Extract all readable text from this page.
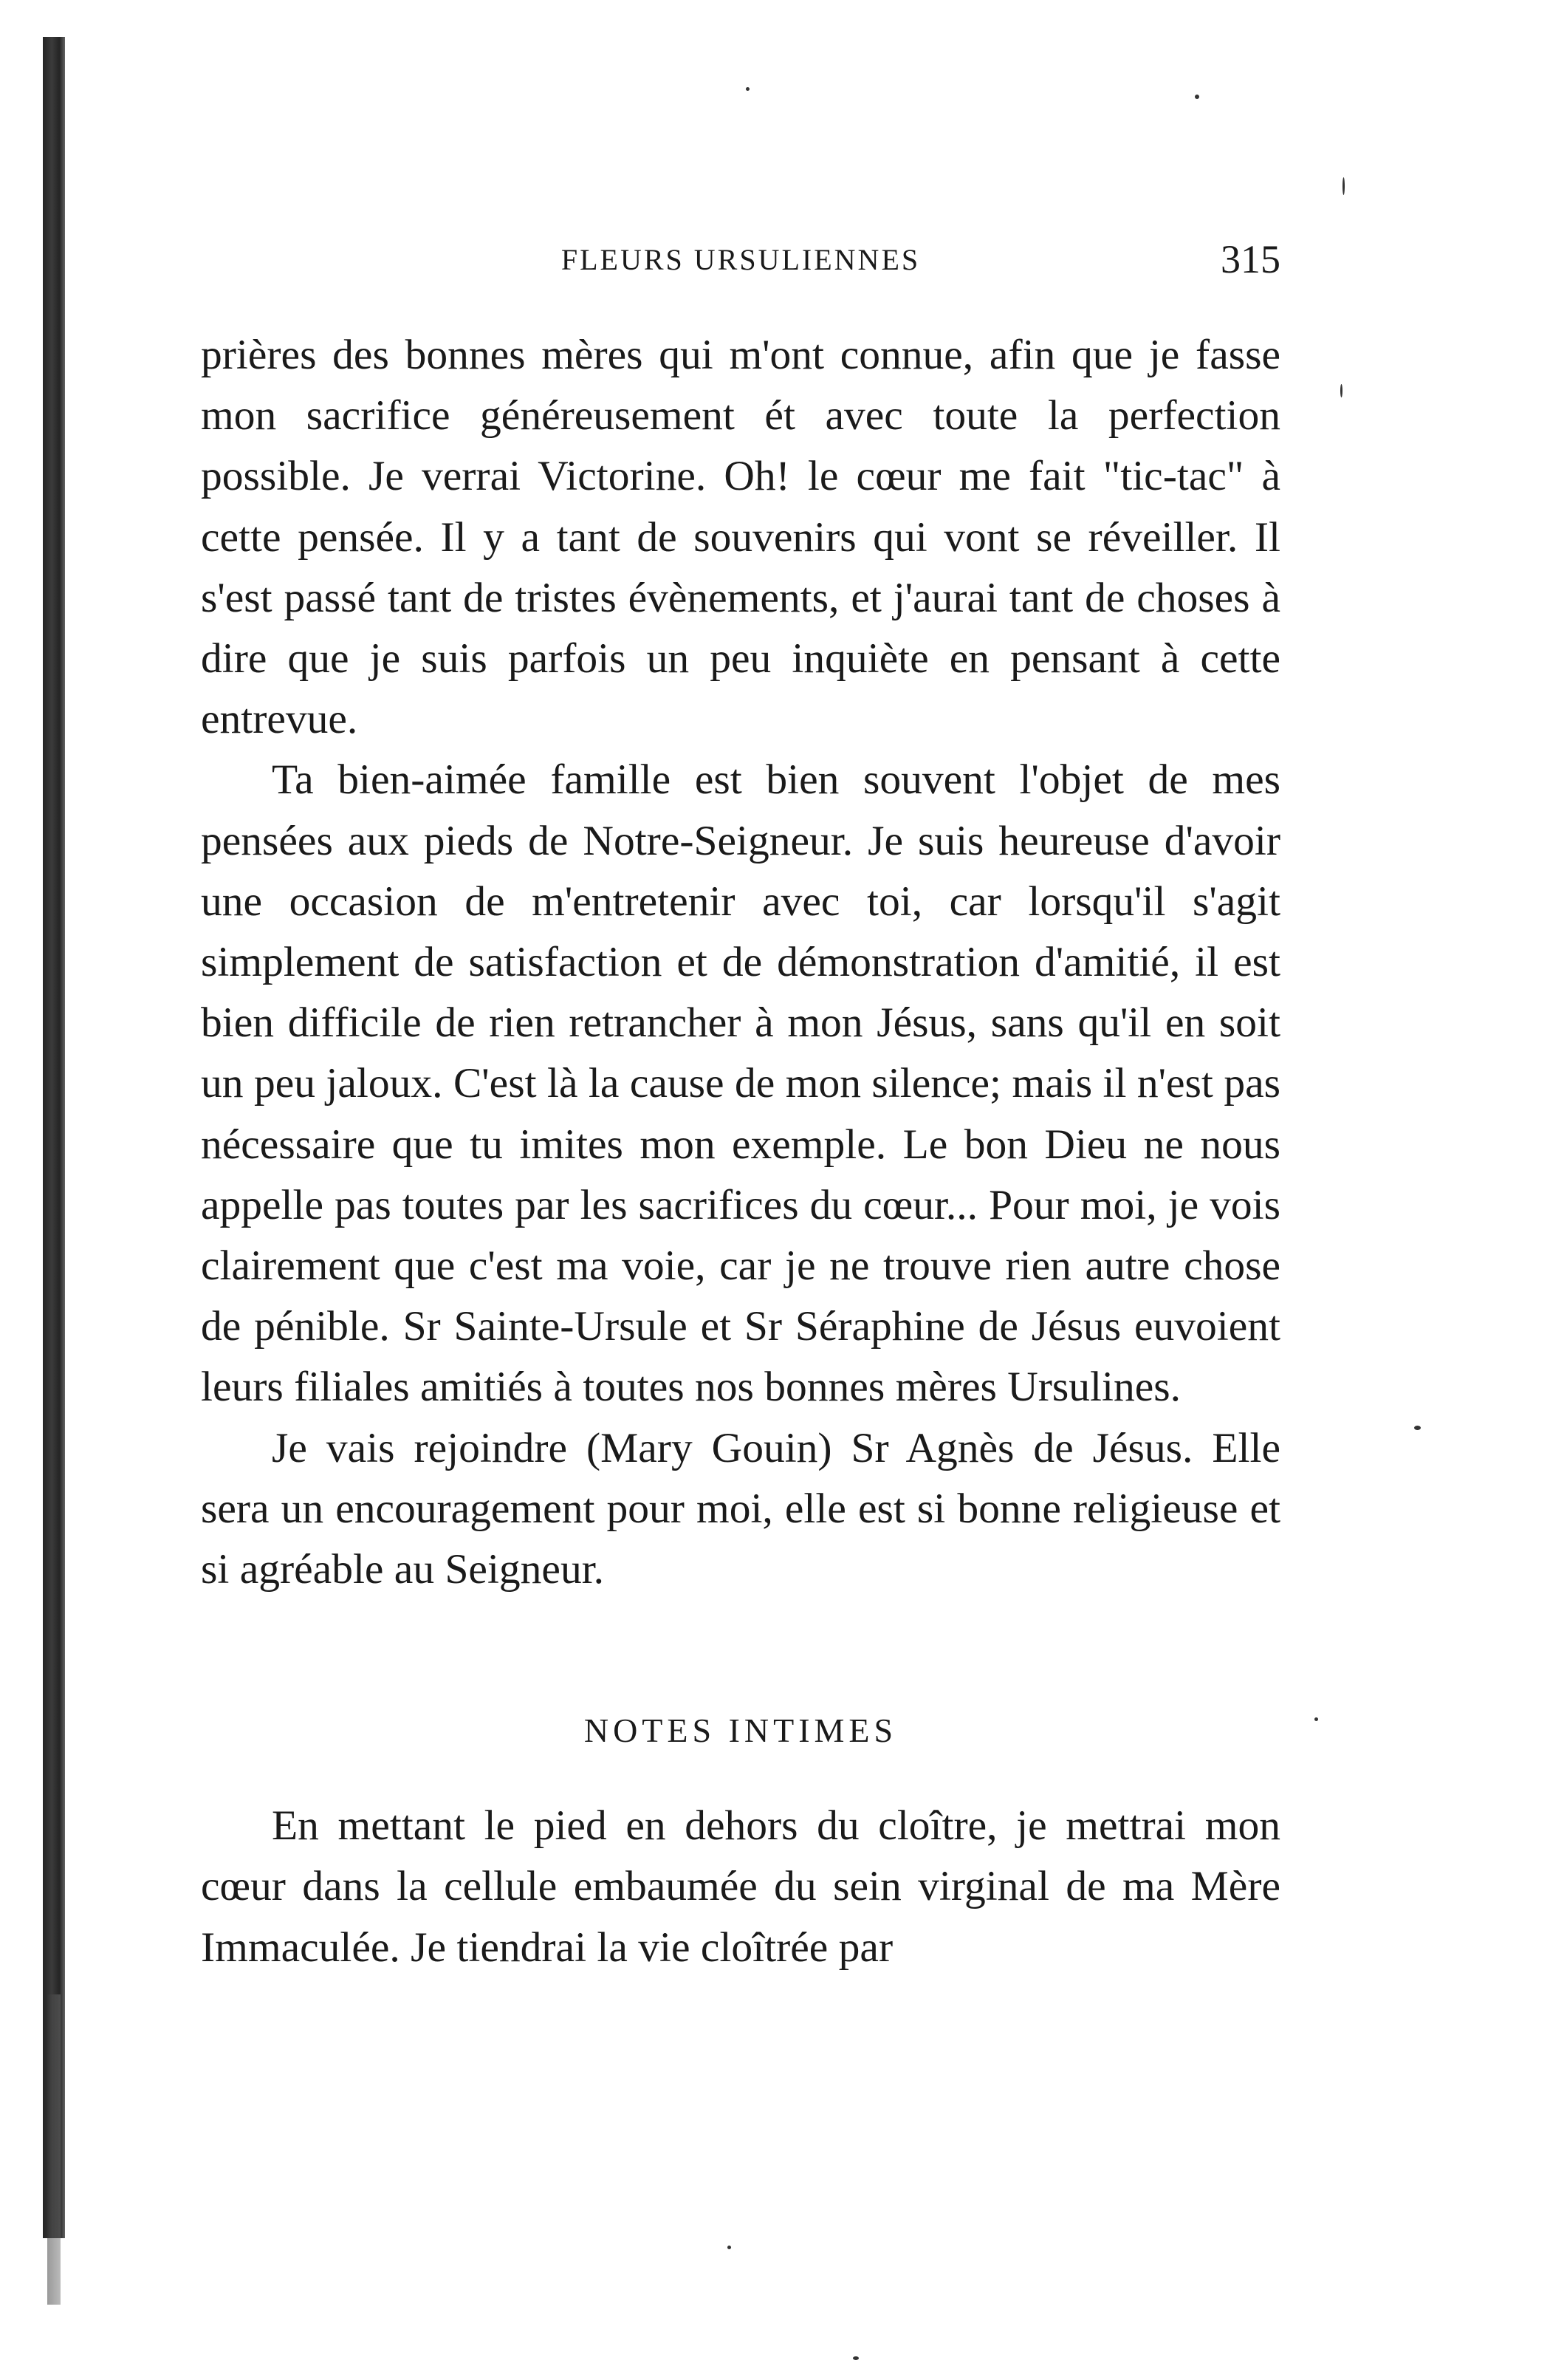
FLEURS URSULIENNES	315

prières des bonnes mères qui m'ont connue, afin que je fasse mon sacrifice généreusement ét avec toute la perfection possible. Je verrai Victorine. Oh! le cœur me fait "tic-tac" à cette pensée. Il y a tant de souvenirs qui vont se réveiller. Il s'est passé tant de tristes évènements, et j'aurai tant de choses à dire que je suis parfois un peu inquiète en pensant à cette entrevue.

Ta bien-aimée famille est bien souvent l'objet de mes pensées aux pieds de Notre-Seigneur. Je suis heureuse d'avoir une occasion de m'entretenir avec toi, car lorsqu'il s'agit simplement de satisfaction et de démonstration d'amitié, il est bien difficile de rien retrancher à mon Jésus, sans qu'il en soit un peu jaloux. C'est là la cause de mon silence; mais il n'est pas nécessaire que tu imites mon exemple. Le bon Dieu ne nous appelle pas toutes par les sacrifices du cœur... Pour moi, je vois clairement que c'est ma voie, car je ne trouve rien autre chose de pénible. Sr Sainte-Ursule et Sr Séraphine de Jésus euvoient leurs filiales amitiés à toutes nos bonnes mères Ursulines.

Je vais rejoindre (Mary Gouin) Sr Agnès de Jésus. Elle sera un encouragement pour moi, elle est si bonne religieuse et si agréable au Seigneur.

NOTES INTIMES

En mettant le pied en dehors du cloître, je mettrai mon cœur dans la cellule embaumée du sein virginal de ma Mère Immaculée. Je tiendrai la vie cloîtrée par
